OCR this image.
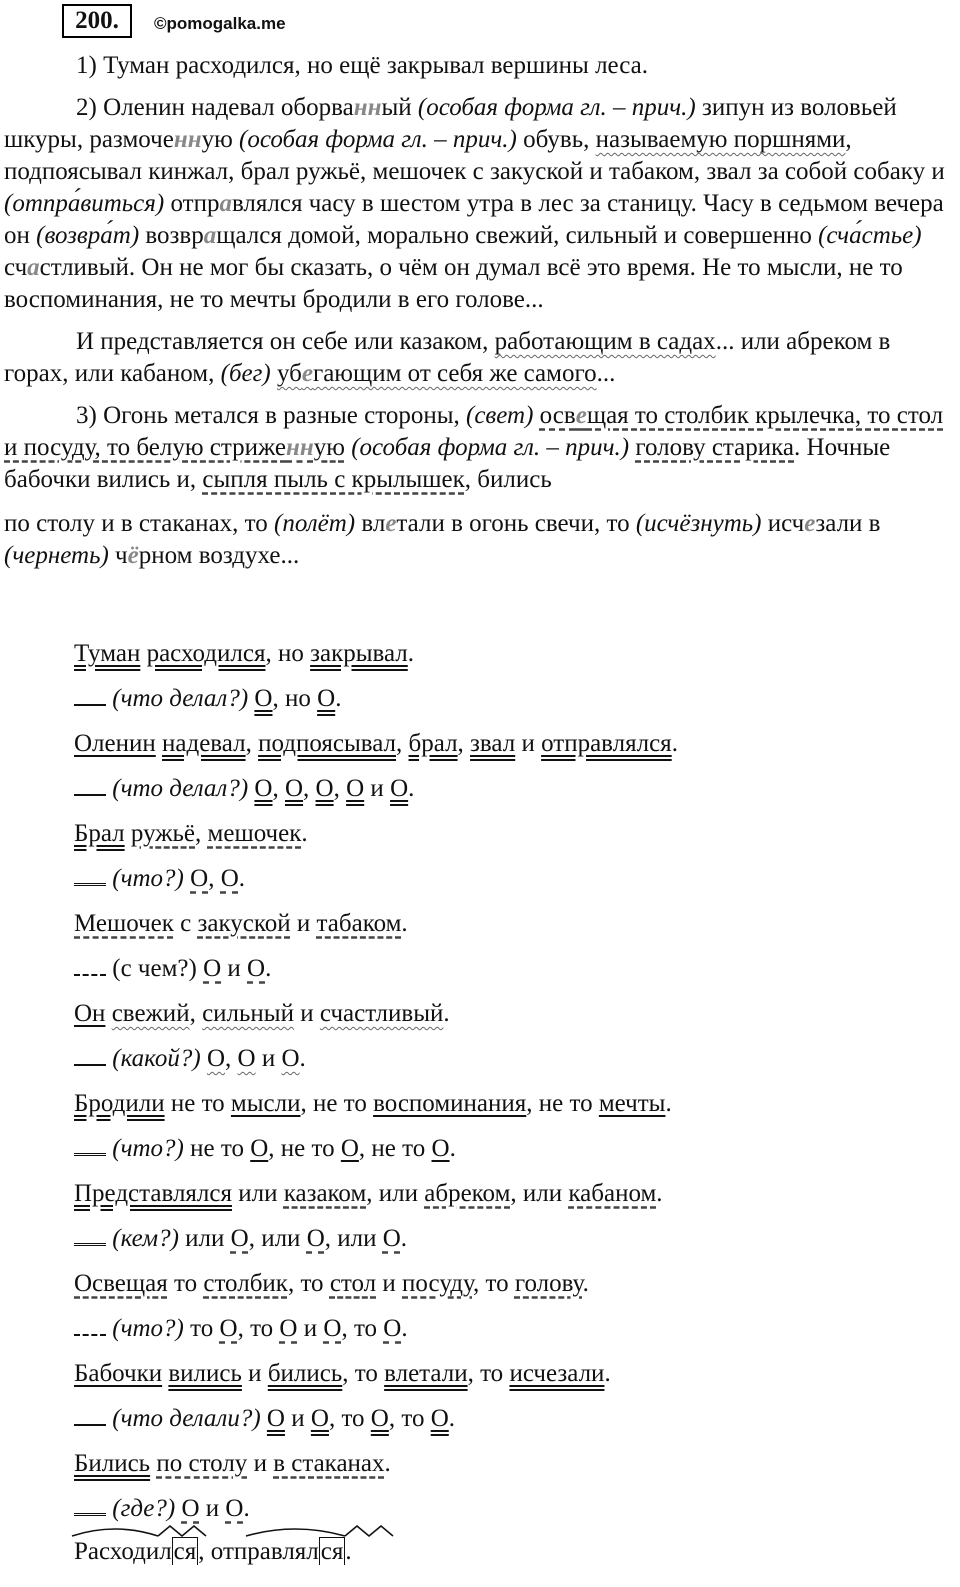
200.	©pomogalka.me

1) Туман расходился, но ещё закрывал вершины леса.

2) Оленин надевал оборванный (особая форма гл. – прич.) зипун из воловьей шкуры, размоченную (особая форма гл. – прич.) обувь, называемую поршнями, подпоясывал кинжал, брал ружьё, мешочек с закуской и табаком, звал за собой собаку и (отпра́виться) отправлялся часу в шестом утра в лес за станицу. Часу в седьмом вечера он (возвра́т) возвращался домой, морально свежий, сильный и совершенно (сча́стье) счастливый. Он не мог бы сказать, о чём он думал всё это время. Не то мысли, не то воспоминания, не то мечты бродили в его голове...

И представляется он себе или казаком, работающим в садах... или абреком в горах, или кабаном, (бег) убегающим от себя же самого...

3) Огонь метался в разные стороны, (свет) освещая то столбик крылечка, то стол и посуду, то белую стриженную (особая форма гл. – прич.) голову старика. Ночные бабочки вились и, сыпля пыль с крылышек, бились

по столу и в стаканах, то (полёт) влетали в огонь свечи, то (исчёзнуть) исчезали в (чернеть) чёрном воздухе...

Туман расходился, но закрывал.

(что делал?) О, но О.

Оленин надевал, подпоясывал, брал, звал и отправлялся.

(что делал?) О, О, О, О и О.

Брал ружьё, мешочек.

(что?) О, О.

Мешочек с закуской и табаком.

(с чем?) О и О.

Он свежий, сильный и счастливый.

(какой?) О, О и О.

Бродили не то мысли, не то воспоминания, не то мечты.

(что?) не то О, не то О, не то О.

Представлялся или казаком, или абреком, или кабаном.

(кем?) или О, или О, или О.

Освещая то столбик, то стол и посуду, то голову.

(что?) то О, то О и О, то О.

Бабочки вились и бились, то влетали, то исчезали.

(что делали?) О и О, то О, то О.

Бились по столу и в стаканах.

(где?) О и О.

Расходился, отправлялся.
